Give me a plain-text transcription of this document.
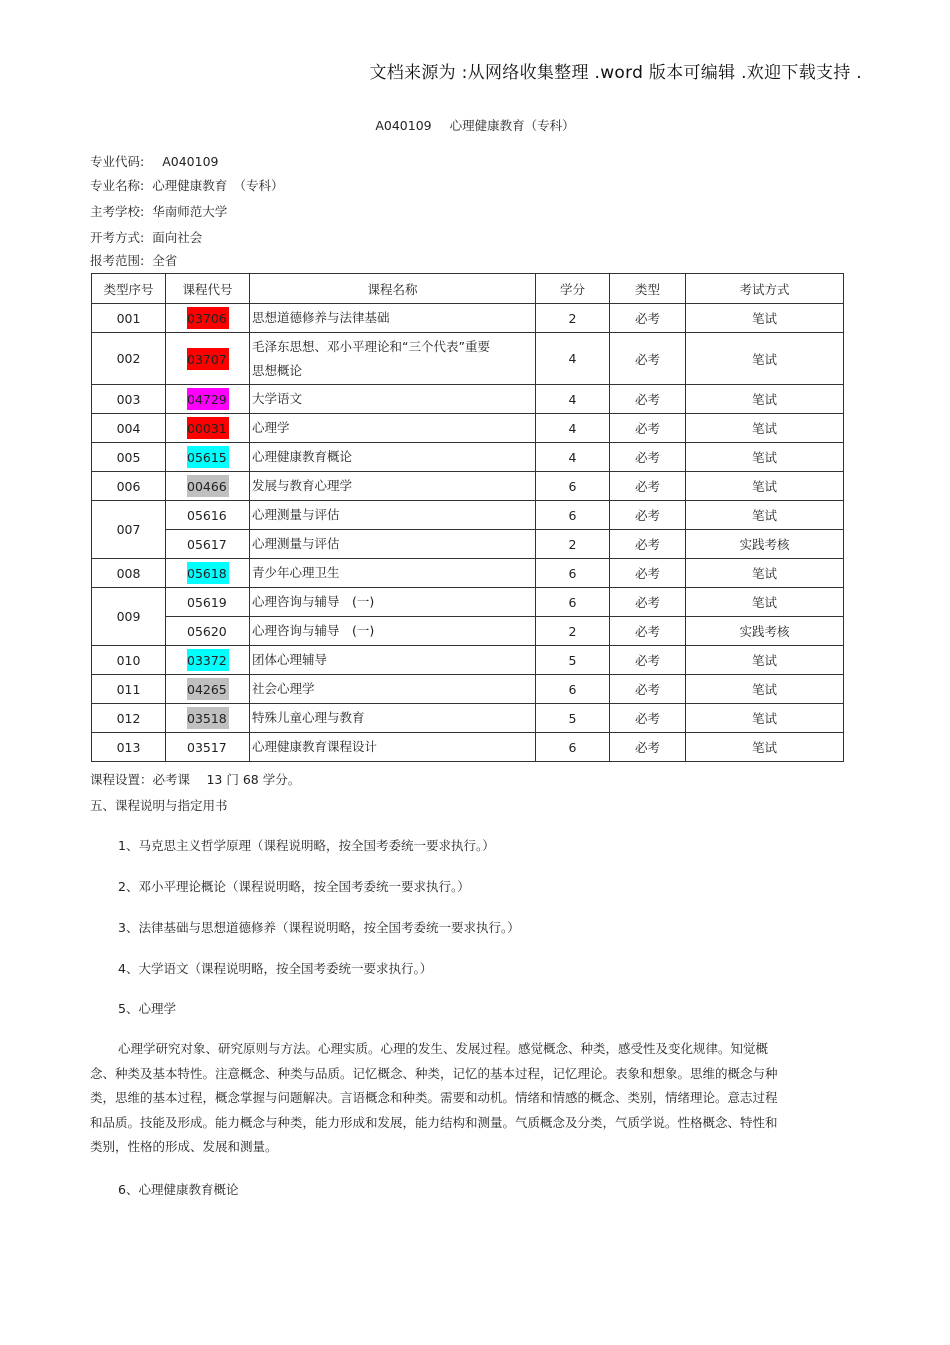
文档来源为 :从网络收集整理 .word 版本可编辑 .欢迎下载支持 .
A040109 心理健康教育（专科）
专业代码: A040109
专业名称: 心理健康教育　（专科）
主考学校: 华南师范大学
开考方式: 面向社会
报考范围: 全省
类型序号	课程代号	课程名称	学分	类型	考试方式
001	03706	思想道德修养与法律基础	2	必考	笔试
002	03707	毛泽东思想、邓小平理论和“三个代表”重要思想概论	4	必考	笔试
003	04729	大学语文	4	必考	笔试
004	00031	心理学	4	必考	笔试
005	05615	心理健康教育概论	4	必考	笔试
006	00466	发展与教育心理学	6	必考	笔试
007	05616	心理测量与评估	6	必考	笔试
	05617	心理测量与评估	2	必考	实践考核
008	05618	青少年心理卫生	6	必考	笔试
009	05619	心理咨询与辅导　(一)	6	必考	笔试
	05620	心理咨询与辅导　(一)	2	必考	实践考核
010	03372	团体心理辅导	5	必考	笔试
011	04265	社会心理学	6	必考	笔试
012	03518	特殊儿童心理与教育	5	必考	笔试
013	03517	心理健康教育课程设计	6	必考	笔试
课程设置：必考课　 13 门 68 学分。
五、课程说明与指定用书
1、马克思主义哲学原理（课程说明略，按全国考委统一要求执行。）
2、邓小平理论概论（课程说明略，按全国考委统一要求执行。）
3、法律基础与思想道德修养（课程说明略，按全国考委统一要求执行。）
4、大学语文（课程说明略，按全国考委统一要求执行。）
5、心理学
心理学研究对象、研究原则与方法。心理实质。心理的发生、发展过程。感觉概念、种类，感受性及变化规律。知觉概念、种类及基本特性。注意概念、种类与品质。记忆概念、种类，记忆的基本过程，记忆理论。表象和想象。思维的概念与种类，思维的基本过程，概念掌握与问题解决。言语概念和种类。需要和动机。情绪和情感的概念、类别，情绪理论。意志过程和品质。技能及形成。能力概念与种类，能力形成和发展，能力结构和测量。气质概念及分类，气质学说。性格概念、特性和类别，性格的形成、发展和测量。
6、心理健康教育概论
